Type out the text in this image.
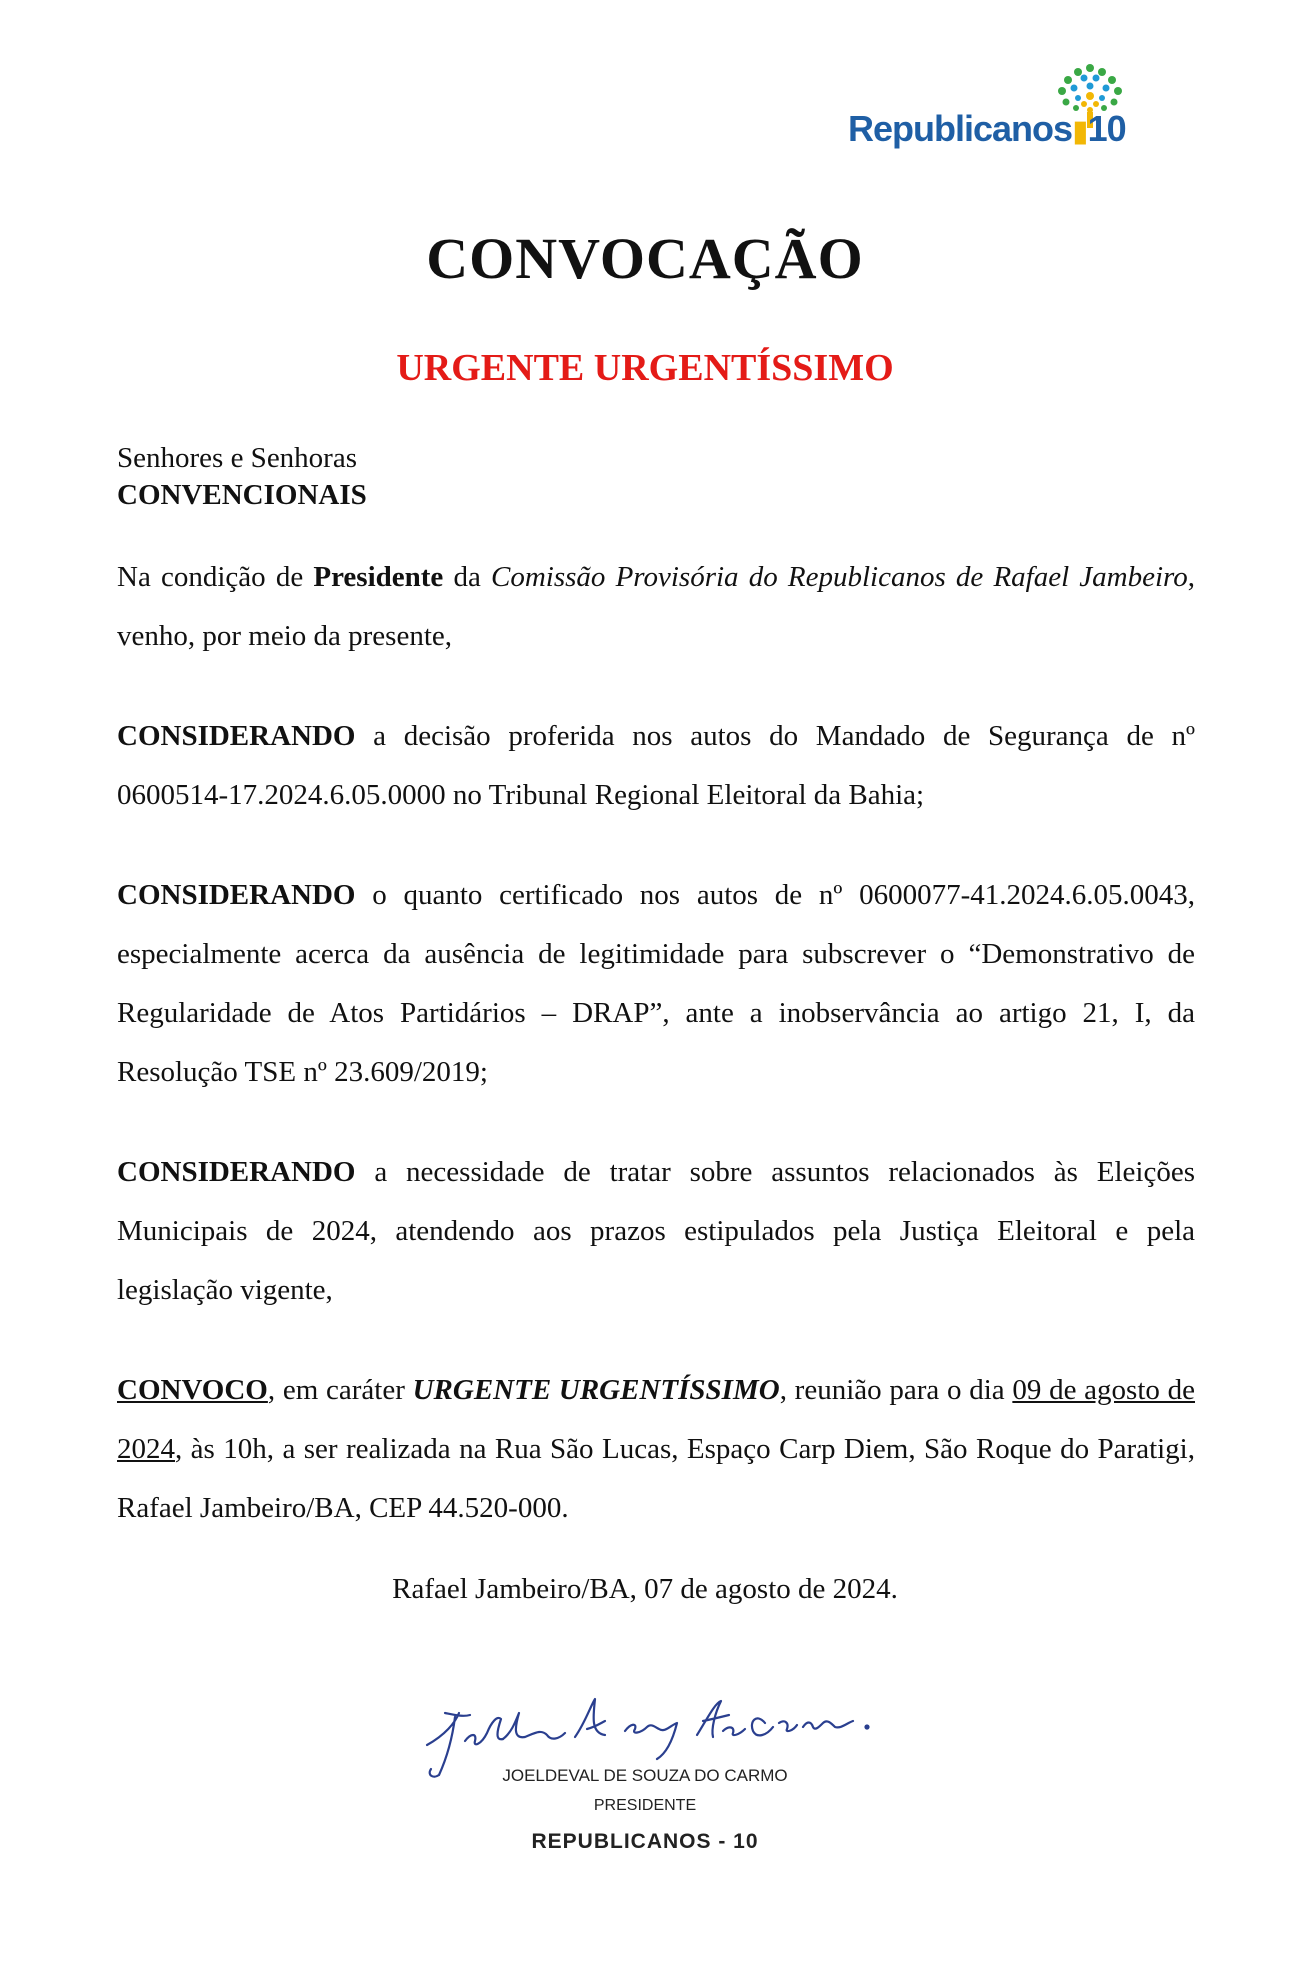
Republicanos▮10
CONVOCAÇÃO
URGENTE URGENTÍSSIMO
Senhores e Senhoras
CONVENCIONAIS

Na condição de Presidente da Comissão Provisória do Republicanos de Rafael Jambeiro, venho, por meio da presente,

CONSIDERANDO a decisão proferida nos autos do Mandado de Segurança de nº 0600514-17.2024.6.05.0000 no Tribunal Regional Eleitoral da Bahia;

CONSIDERANDO o quanto certificado nos autos de nº 0600077-41.2024.6.05.0043, especialmente acerca da ausência de legitimidade para subscrever o “Demonstrativo de Regularidade de Atos Partidários – DRAP”, ante a inobservância ao artigo 21, I, da Resolução TSE nº 23.609/2019;

CONSIDERANDO a necessidade de tratar sobre assuntos relacionados às Eleições Municipais de 2024, atendendo aos prazos estipulados pela Justiça Eleitoral e pela legislação vigente,

CONVOCO, em caráter URGENTE URGENTÍSSIMO, reunião para o dia 09 de agosto de 2024, às 10h, a ser realizada na Rua São Lucas, Espaço Carp Diem, São Roque do Paratigi, Rafael Jambeiro/BA, CEP 44.520-000.

Rafael Jambeiro/BA, 07 de agosto de 2024.
JOELDEVAL DE SOUZA DO CARMO
PRESIDENTE
REPUBLICANOS - 10
